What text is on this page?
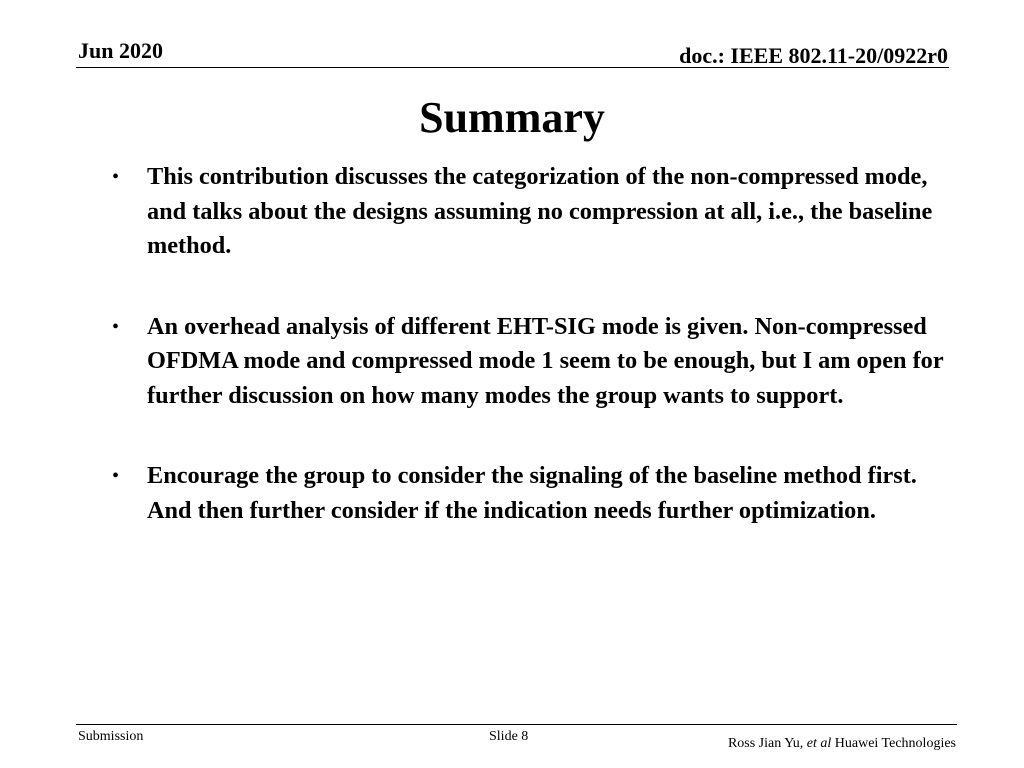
Jun 2020	doc.: IEEE 802.11-20/0922r0
Summary
• This contribution discusses the categorization of the non-compressed mode, and talks about the designs assuming no compression at all, i.e., the baseline method.
• An overhead analysis of different EHT-SIG mode is given. Non-compressed OFDMA mode and compressed mode 1 seem to be enough, but I am open for further discussion on how many modes the group wants to support.
• Encourage the group to consider the signaling of the baseline method first. And then further consider if the indication needs further optimization.
Submission	Slide 8	Ross Jian Yu, et al Huawei Technologies
